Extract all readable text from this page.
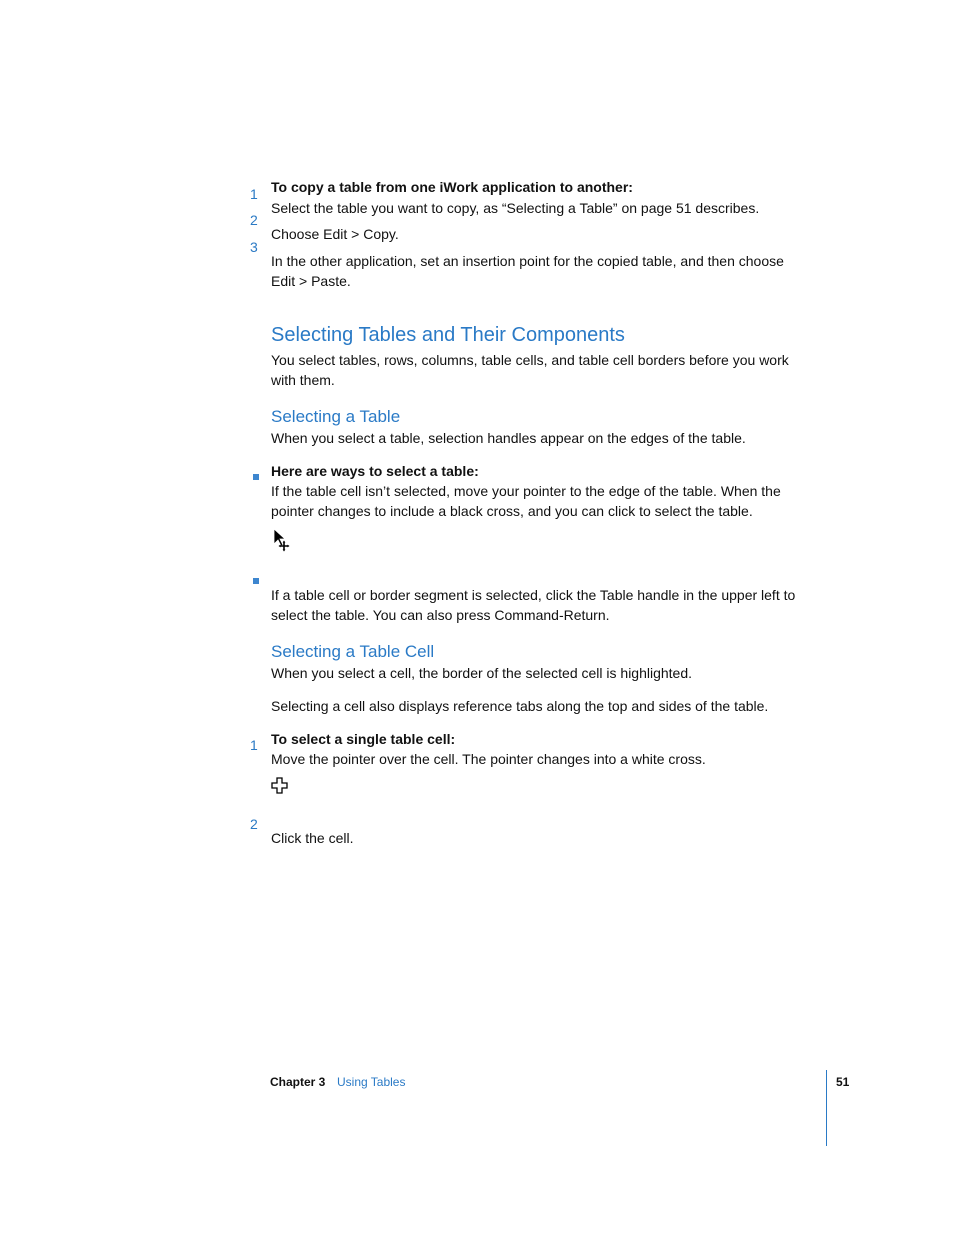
To copy a table from one iWork application to another:

1

Select the table you want to copy, as “Selecting a Table” on page 51 describes.

2

Choose Edit > Copy.

3

In the other application, set an insertion point for the copied table, and then choose Edit > Paste.

Selecting Tables and Their Components

You select tables, rows, columns, table cells, and table cell borders before you work with them.

Selecting a Table

When you select a table, selection handles appear on the edges of the table.

Here are ways to select a table:

If the table cell isn’t selected, move your pointer to the edge of the table. When the pointer changes to include a black cross, and you can click to select the table.

If a table cell or border segment is selected, click the Table handle in the upper left to select the table. You can also press Command-Return.

Selecting a Table Cell

When you select a cell, the border of the selected cell is highlighted.

Selecting a cell also displays reference tabs along the top and sides of the table.

To select a single table cell:

1

Move the pointer over the cell. The pointer changes into a white cross.

2

Click the cell.

Chapter 3 Using Tables	51
